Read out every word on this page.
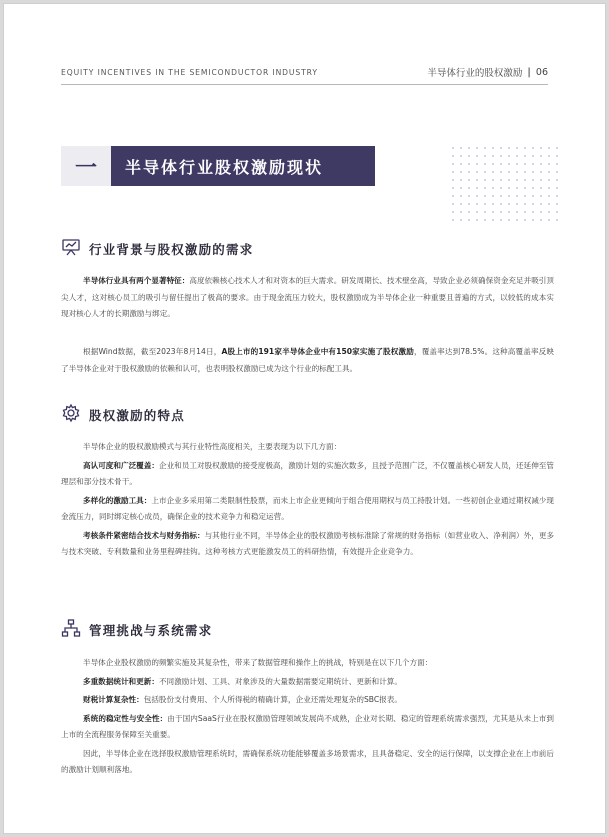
EQUITY INCENTIVES IN THE SEMICONDUCTOR INDUSTRY	半导体行业的股权激励 | 06
一	半导体行业股权激励现状
行业背景与股权激励的需求

半导体行业具有两个显著特征：高度依赖核心技术人才和对资本的巨大需求。研发周期长、技术壁垒高，导致企业必须确保资金充足并吸引顶尖人才，这对核心员工的吸引与留任提出了极高的要求。由于现金流压力较大，股权激励成为半导体企业一种重要且普遍的方式，以较低的成本实现对核心人才的长期激励与绑定。

根据Wind数据，截至2023年8月14日，A股上市的191家半导体企业中有150家实施了股权激励，覆盖率达到78.5%。这种高覆盖率反映了半导体企业对于股权激励的依赖和认可，也表明股权激励已成为这个行业的标配工具。

股权激励的特点

半导体企业的股权激励模式与其行业特性高度相关，主要表现为以下几方面：

高认可度和广泛覆盖：企业和员工对股权激励的接受度极高，激励计划的实施次数多，且授予范围广泛，不仅覆盖核心研发人员，还延伸至管理层和部分技术骨干。

多样化的激励工具：上市企业多采用第二类限制性股票，而未上市企业更倾向于组合使用期权与员工持股计划。一些初创企业通过期权减少现金流压力，同时绑定核心成员，确保企业的技术竞争力和稳定运营。

考核条件紧密结合技术与财务指标：与其他行业不同，半导体企业的股权激励考核标准除了常规的财务指标（如营业收入、净利润）外，更多与技术突破、专利数量和业务里程碑挂钩。这种考核方式更能激发员工的科研热情，有效提升企业竞争力。

管理挑战与系统需求

半导体企业股权激励的频繁实施及其复杂性，带来了数据管理和操作上的挑战，特别是在以下几个方面：

多重数据统计和更新：不同激励计划、工具、对象涉及的大量数据需要定期统计、更新和计算。

财税计算复杂性：包括股份支付费用、个人所得税的精确计算，企业还需处理复杂的SBC报表。

系统的稳定性与安全性：由于国内SaaS行业在股权激励管理领域发展尚不成熟，企业对长期、稳定的管理系统需求强烈，尤其是从未上市到上市的全流程服务保障至关重要。

因此，半导体企业在选择股权激励管理系统时，需确保系统功能能够覆盖多场景需求，且具备稳定、安全的运行保障，以支撑企业在上市前后的激励计划顺利落地。
